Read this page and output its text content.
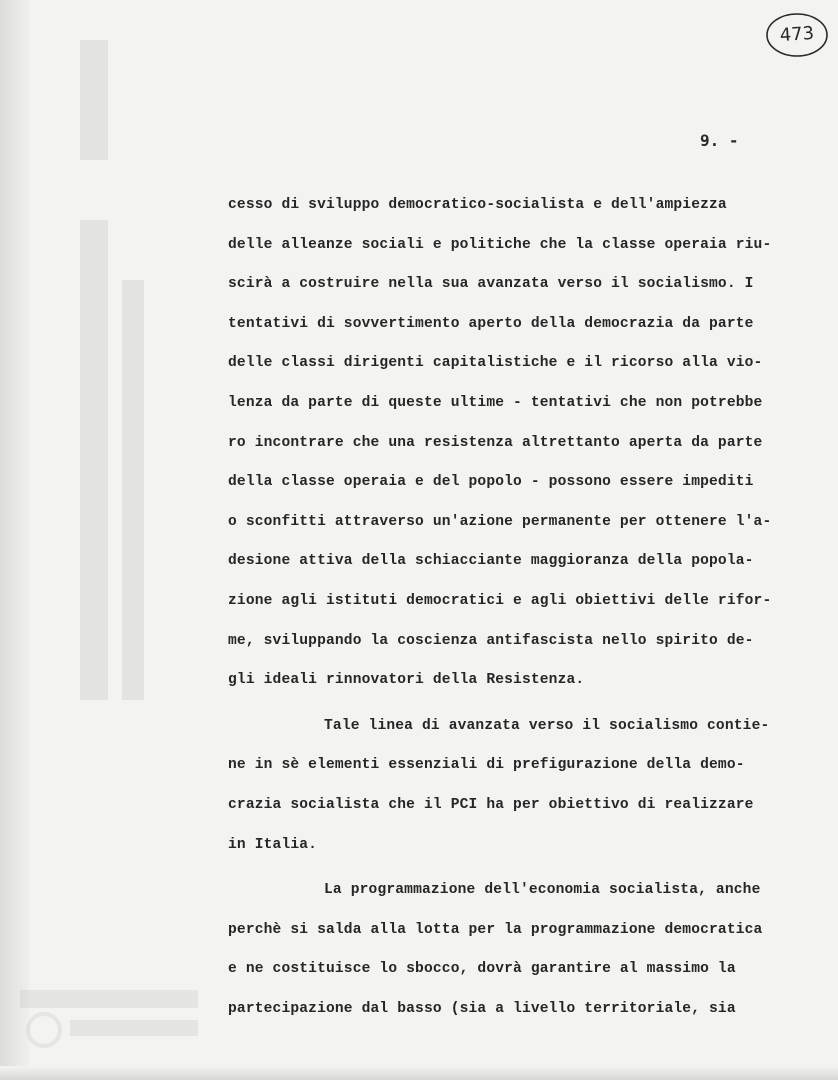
473
9. -
cesso di sviluppo democratico-socialista e dell'ampiezza
delle alleanze sociali e politiche che la classe operaia riu-
scirà a costruire nella sua avanzata verso il socialismo. I
tentativi di sovvertimento aperto della democrazia da parte
delle classi dirigenti capitalistiche e il ricorso alla vio-
lenza da parte di queste ultime - tentativi che non potrebbe
ro incontrare che una resistenza altrettanto aperta da parte
della classe operaia e del popolo - possono essere impediti
o sconfitti attraverso un'azione permanente per ottenere l'a-
desione attiva della schiacciante maggioranza della popola-
zione agli istituti democratici e agli obiettivi delle rifor-
me, sviluppando la coscienza antifascista nello spirito de-
gli ideali rinnovatori della Resistenza.
Tale linea di avanzata verso il socialismo contie-
ne in sè elementi essenziali di prefigurazione della demo-
crazia socialista che il PCI ha per obiettivo di realizzare
in Italia.
La programmazione dell'economia socialista, anche
perchè si salda alla lotta per la programmazione democratica
e ne costituisce lo sbocco, dovrà garantire al massimo la
partecipazione dal basso (sia a livello territoriale, sia
